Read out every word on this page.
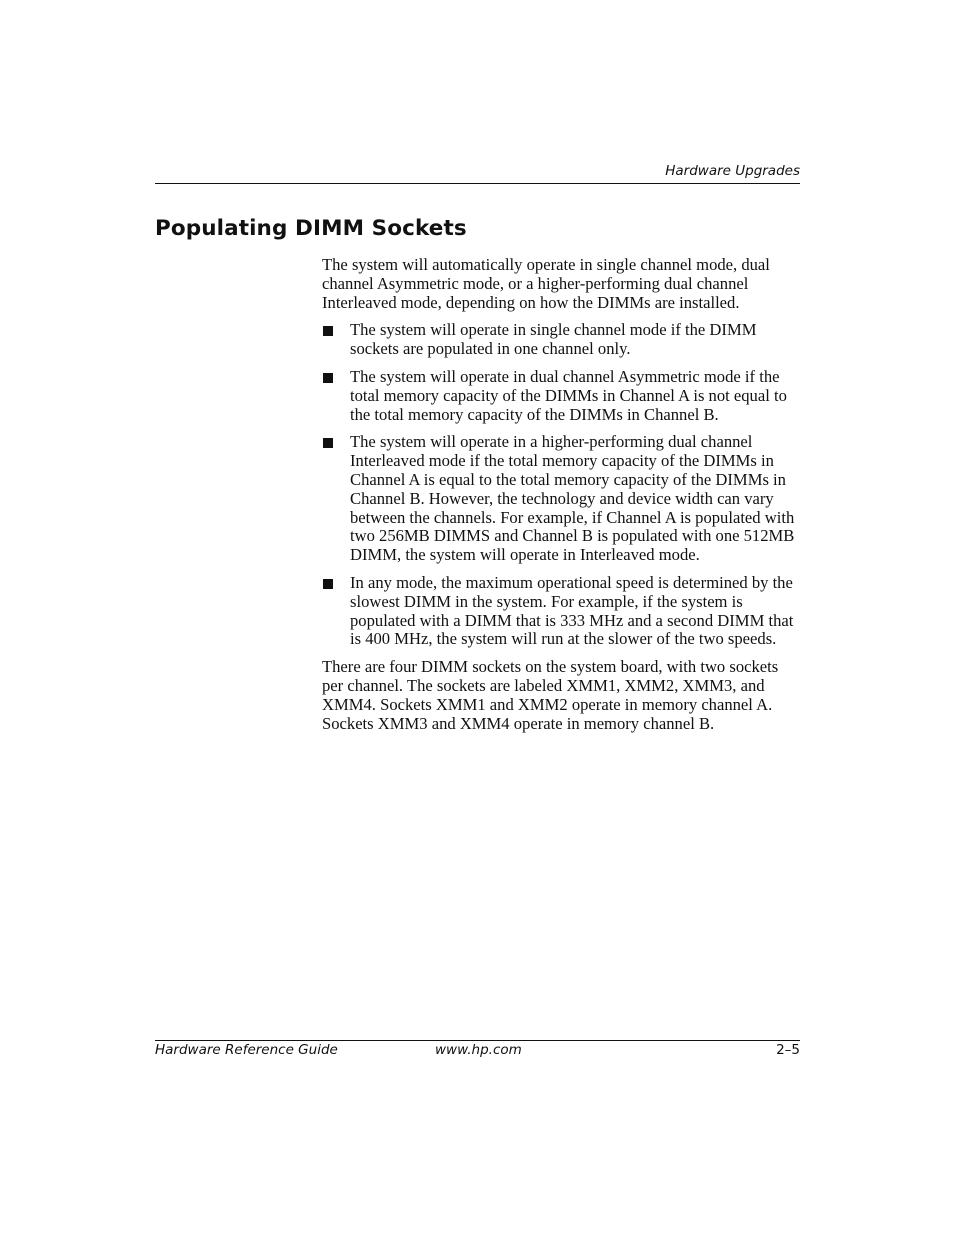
Hardware Upgrades
Populating DIMM Sockets

The system will automatically operate in single channel mode, dual channel Asymmetric mode, or a higher-performing dual channel Interleaved mode, depending on how the DIMMs are installed.

The system will operate in single channel mode if the DIMM sockets are populated in one channel only.
The system will operate in dual channel Asymmetric mode if the total memory capacity of the DIMMs in Channel A is not equal to the total memory capacity of the DIMMs in Channel B.
The system will operate in a higher-performing dual channel Interleaved mode if the total memory capacity of the DIMMs in Channel A is equal to the total memory capacity of the DIMMs in Channel B. However, the technology and device width can vary between the channels. For example, if Channel A is populated with two 256MB DIMMS and Channel B is populated with one 512MB DIMM, the system will operate in Interleaved mode.
In any mode, the maximum operational speed is determined by the slowest DIMM in the system. For example, if the system is populated with a DIMM that is 333 MHz and a second DIMM that is 400 MHz, the system will run at the slower of the two speeds.

There are four DIMM sockets on the system board, with two sockets per channel. The sockets are labeled XMM1, XMM2, XMM3, and XMM4. Sockets XMM1 and XMM2 operate in memory channel A. Sockets XMM3 and XMM4 operate in memory channel B.

Hardware Reference Guide	www.hp.com	2–5
